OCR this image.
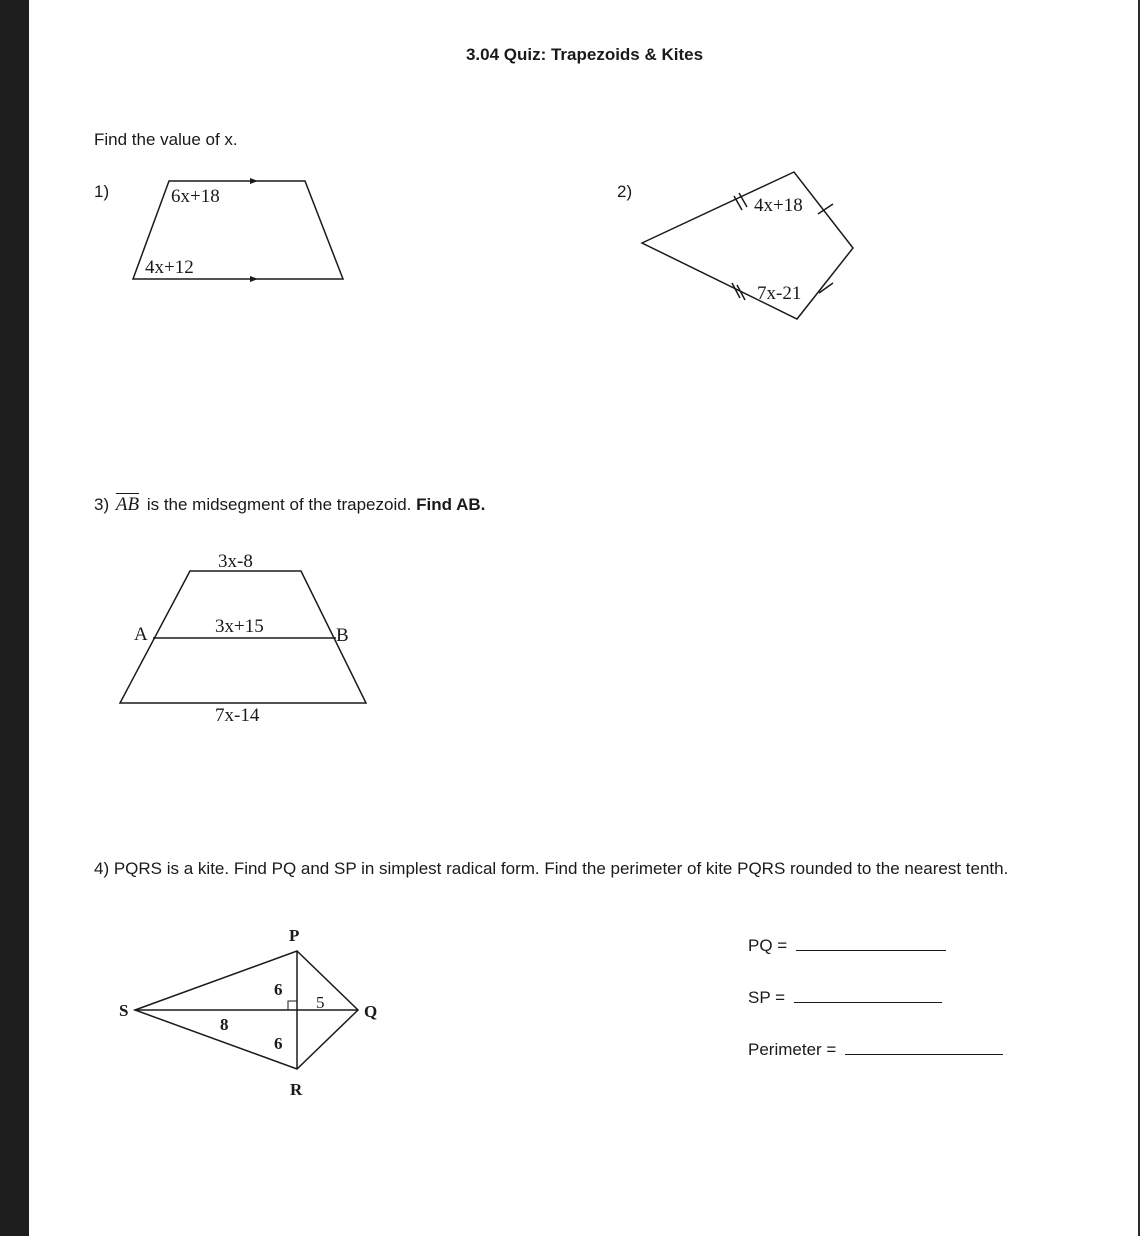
3.04 Quiz: Trapezoids & Kites
Find the value of x.
1)	2)
3) $\overline{AB}$ is the midsegment of the trapezoid. Find AB.
4) PQRS is a kite. Find PQ and SP in simplest radical form. Find the perimeter of kite PQRS rounded to the nearest tenth.
6x+18
4x+12
4x+18
7x-21
3x-8
3x+15
7x-14
A	B
P
Q
R
S
6
6
8
5
PQ =
SP =
Perimeter =
